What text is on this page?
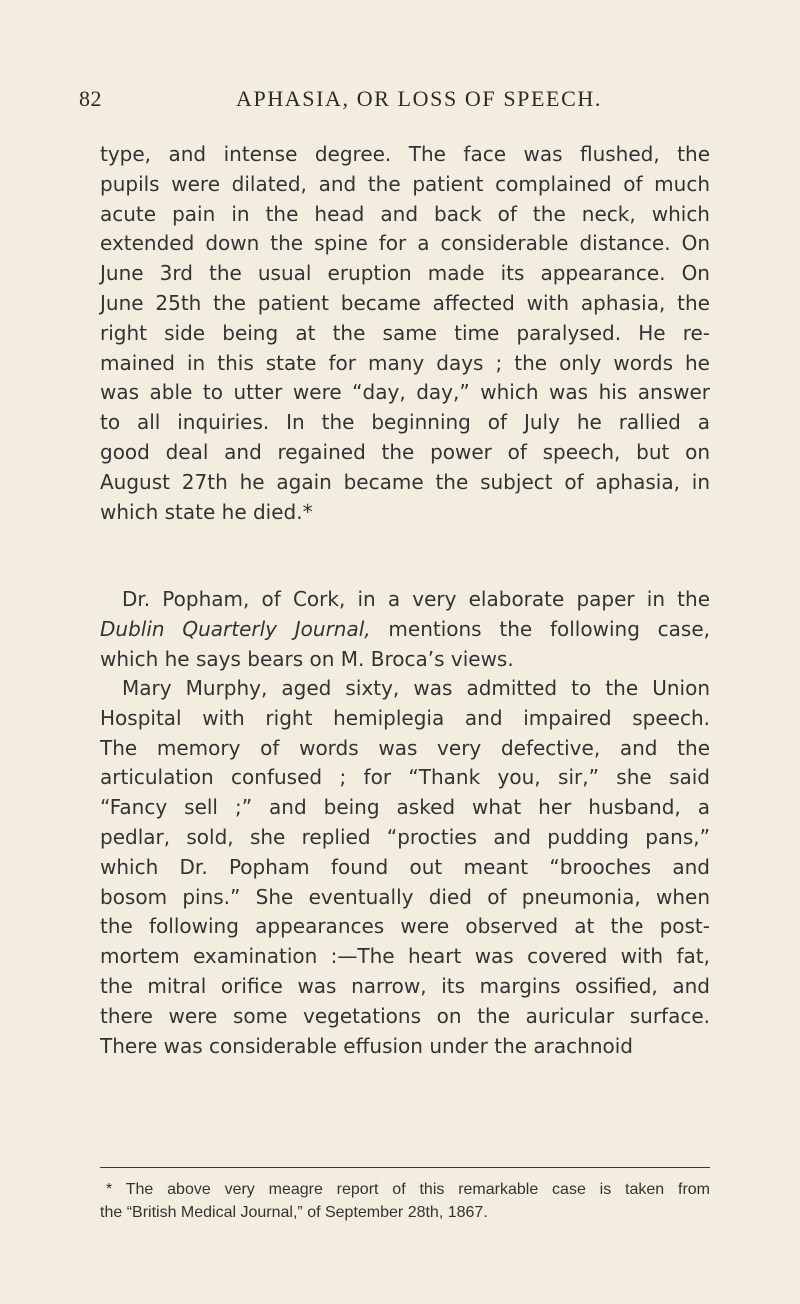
82	APHASIA, OR LOSS OF SPEECH.
type, and intense degree. The face was flushed, the
pupils were dilated, and the patient complained of much
acute pain in the head and back of the neck, which
extended down the spine for a considerable distance. On
June 3rd the usual eruption made its appearance. On
June 25th the patient became affected with aphasia, the
right side being at the same time paralysed. He re-
mained in this state for many days ; the only words he
was able to utter were “day, day,” which was his answer
to all inquiries. In the beginning of July he rallied a
good deal and regained the power of speech, but on
August 27th he again became the subject of aphasia, in
which state he died.*
Dr. Popham, of Cork, in a very elaborate paper in the
Dublin Quarterly Journal, mentions the following case,
which he says bears on M. Broca’s views.
Mary Murphy, aged sixty, was admitted to the Union
Hospital with right hemiplegia and impaired speech.
The memory of words was very defective, and the
articulation confused ; for “Thank you, sir,” she said
“Fancy sell ;” and being asked what her husband, a
pedlar, sold, she replied “procties and pudding pans,”
which Dr. Popham found out meant “brooches and
bosom pins.” She eventually died of pneumonia, when
the following appearances were observed at the post-
mortem examination :—The heart was covered with fat,
the mitral orifice was narrow, its margins ossified, and
there were some vegetations on the auricular surface.
There was considerable effusion under the arachnoid
* The above very meagre report of this remarkable case is taken from
the “British Medical Journal,” of September 28th, 1867.
